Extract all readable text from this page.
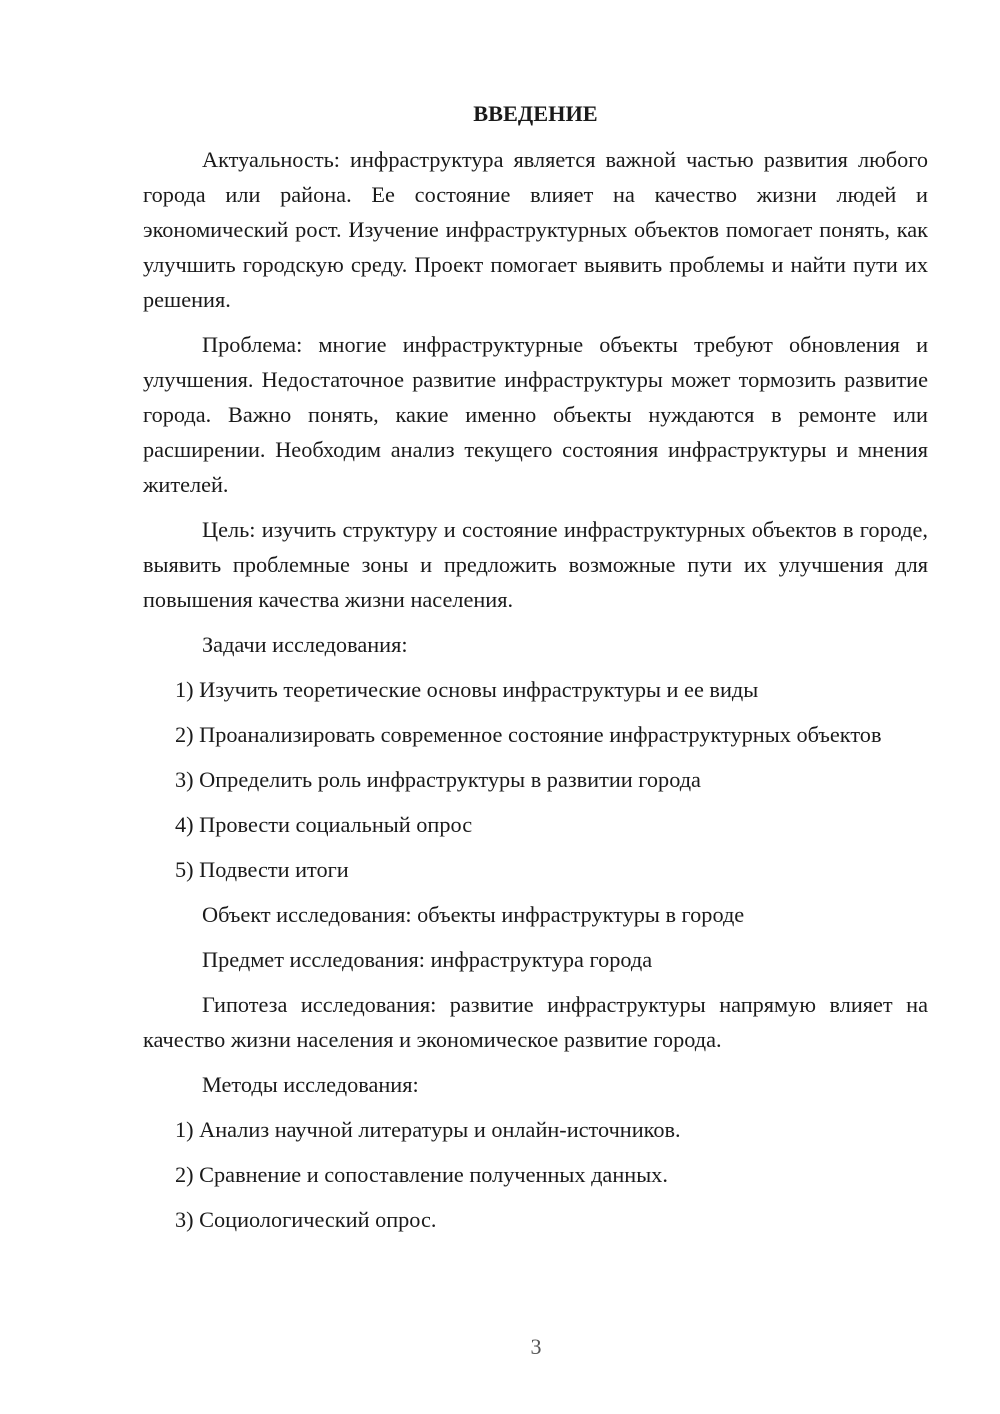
ВВЕДЕНИЕ

Актуальность: инфраструктура является важной частью развития любого города или района. Ее состояние влияет на качество жизни людей и экономический рост. Изучение инфраструктурных объектов помогает понять, как улучшить городскую среду. Проект помогает выявить проблемы и найти пути их решения.

Проблема: многие инфраструктурные объекты требуют обновления и улучшения. Недостаточное развитие инфраструктуры может тормозить развитие города. Важно понять, какие именно объекты нуждаются в ремонте или расширении. Необходим анализ текущего состояния инфраструктуры и мнения жителей.

Цель: изучить структуру и состояние инфраструктурных объектов в городе, выявить проблемные зоны и предложить возможные пути их улучшения для повышения качества жизни населения.

Задачи исследования:

1) Изучить теоретические основы инфраструктуры и ее виды

2) Проанализировать современное состояние инфраструктурных объектов

3) Определить роль инфраструктуры в развитии города

4) Провести социальный опрос

5) Подвести итоги

Объект исследования: объекты инфраструктуры в городе

Предмет исследования: инфраструктура города

Гипотеза исследования: развитие инфраструктуры напрямую влияет на качество жизни населения и экономическое развитие города.

Методы исследования:

1) Анализ научной литературы и онлайн-источников.

2) Сравнение и сопоставление полученных данных.

3) Социологический опрос.

3
